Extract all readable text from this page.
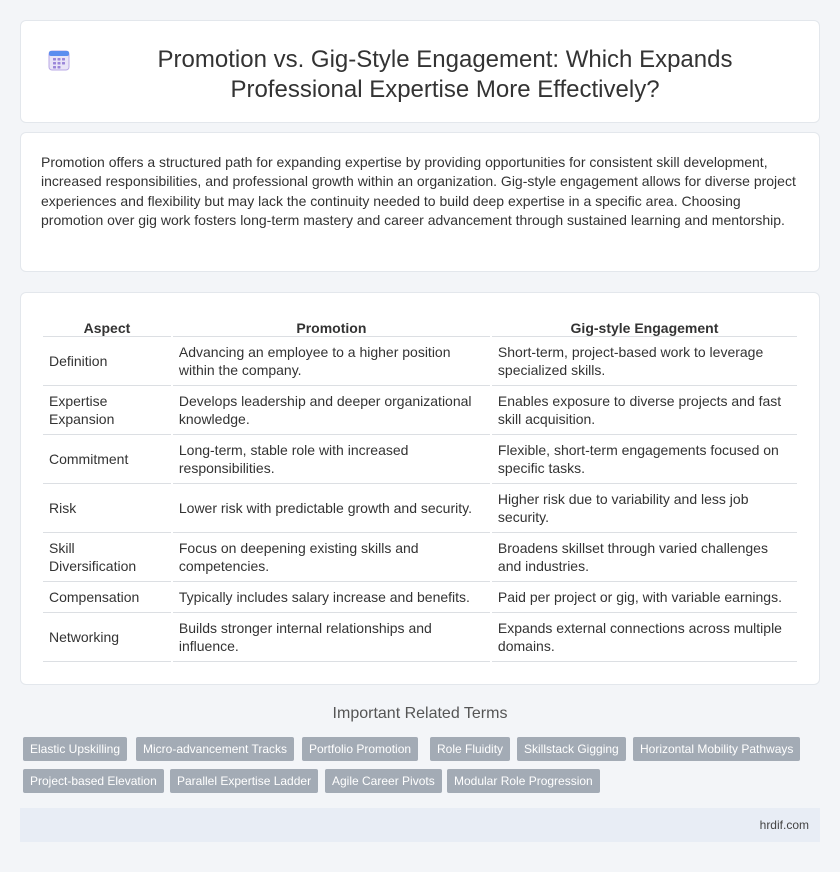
Promotion vs. Gig-Style Engagement: Which Expands Professional Expertise More Effectively?

Promotion offers a structured path for expanding expertise by providing opportunities for consistent skill development, increased responsibilities, and professional growth within an organization. Gig-style engagement allows for diverse project experiences and flexibility but may lack the continuity needed to build deep expertise in a specific area. Choosing promotion over gig work fosters long-term mastery and career advancement through sustained learning and mentorship.

Aspect	Promotion	Gig-style Engagement
Definition	Advancing an employee to a higher position within the company.	Short-term, project-based work to leverage specialized skills.
Expertise Expansion	Develops leadership and deeper organizational knowledge.	Enables exposure to diverse projects and fast skill acquisition.
Commitment	Long-term, stable role with increased responsibilities.	Flexible, short-term engagements focused on specific tasks.
Risk	Lower risk with predictable growth and security.	Higher risk due to variability and less job security.
Skill Diversification	Focus on deepening existing skills and competencies.	Broadens skillset through varied challenges and industries.
Compensation	Typically includes salary increase and benefits.	Paid per project or gig, with variable earnings.
Networking	Builds stronger internal relationships and influence.	Expands external connections across multiple domains.
Important Related Terms
Elastic Upskilling	Micro-advancement Tracks	Portfolio Promotion	Role Fluidity	Skillstack Gigging	Horizontal Mobility Pathways
Project-based Elevation	Parallel Expertise Ladder	Agile Career Pivots	Modular Role Progression
hrdif.com
